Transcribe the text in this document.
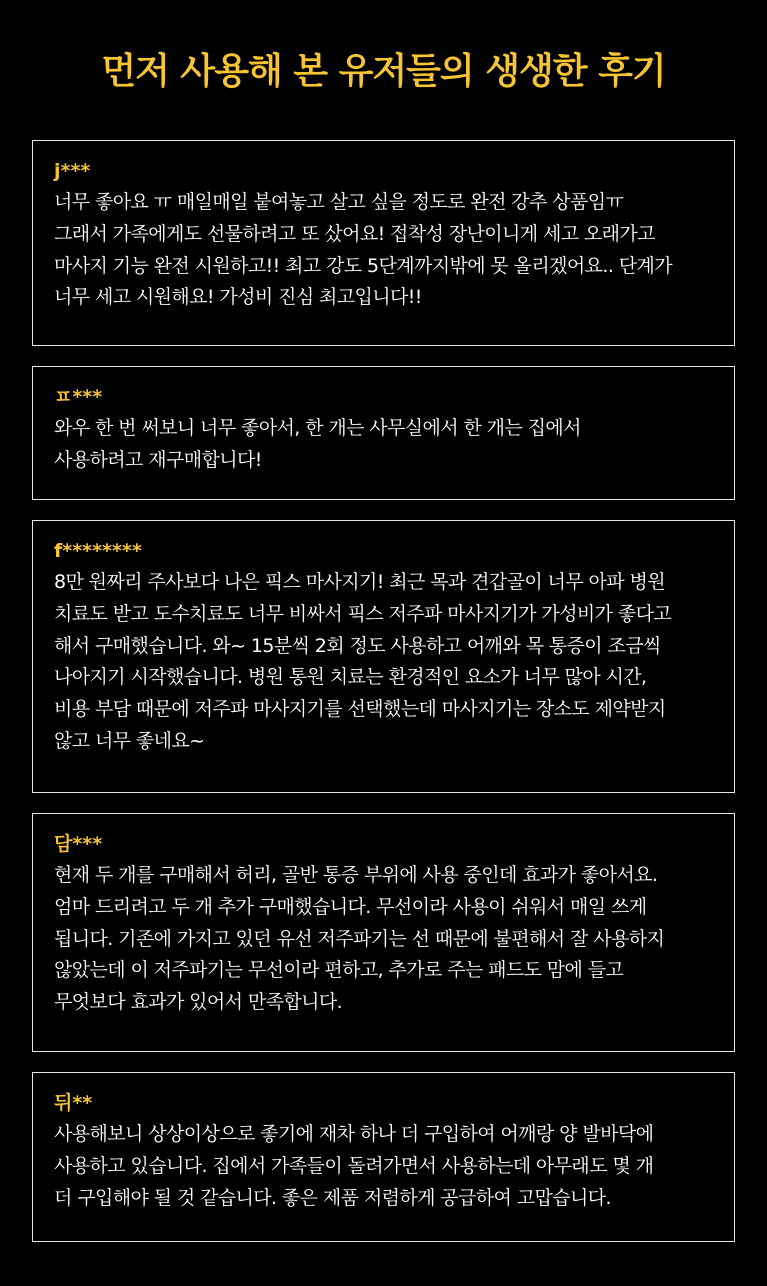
먼저 사용해 본 유저들의 생생한 후기
j***

너무 좋아요 ㅠ 매일매일 붙여놓고 살고 싶을 정도로 완전 강추 상품임ㅠ
그래서 가족에게도 선물하려고 또 샀어요! 접착성 장난이니게 세고 오래가고
마사지 기능 완전 시원하고!! 최고 강도 5단계까지밖에 못 올리겠어요.. 단계가
너무 세고 시원해요! 가성비 진심 최고입니다!!

ㅍ***

와우 한 번 써보니 너무 좋아서, 한 개는 사무실에서 한 개는 집에서
사용하려고 재구매합니다!

f********

8만 원짜리 주사보다 나은 픽스 마사지기! 최근 목과 견갑골이 너무 아파 병원
치료도 받고 도수치료도 너무 비싸서 픽스 저주파 마사지기가 가성비가 좋다고
해서 구매했습니다. 와~ 15분씩 2회 정도 사용하고 어깨와 목 통증이 조금씩
나아지기 시작했습니다. 병원 통원 치료는 환경적인 요소가 너무 많아 시간,
비용 부담 때문에 저주파 마사지기를 선택했는데 마사지기는 장소도 제약받지
않고 너무 좋네요~

담***

현재 두 개를 구매해서 허리, 골반 통증 부위에 사용 중인데 효과가 좋아서요.
엄마 드리려고 두 개 추가 구매했습니다. 무선이라 사용이 쉬워서 매일 쓰게
됩니다. 기존에 가지고 있던 유선 저주파기는 선 때문에 불편해서 잘 사용하지
않았는데 이 저주파기는 무선이라 편하고, 추가로 주는 패드도 맘에 들고
무엇보다 효과가 있어서 만족합니다.

뒤**

사용해보니 상상이상으로 좋기에 재차 하나 더 구입하여 어깨랑 양 발바닥에
사용하고 있습니다. 집에서 가족들이 돌려가면서 사용하는데 아무래도 몇 개
더 구입해야 될 것 같습니다. 좋은 제품 저렴하게 공급하여 고맙습니다.
